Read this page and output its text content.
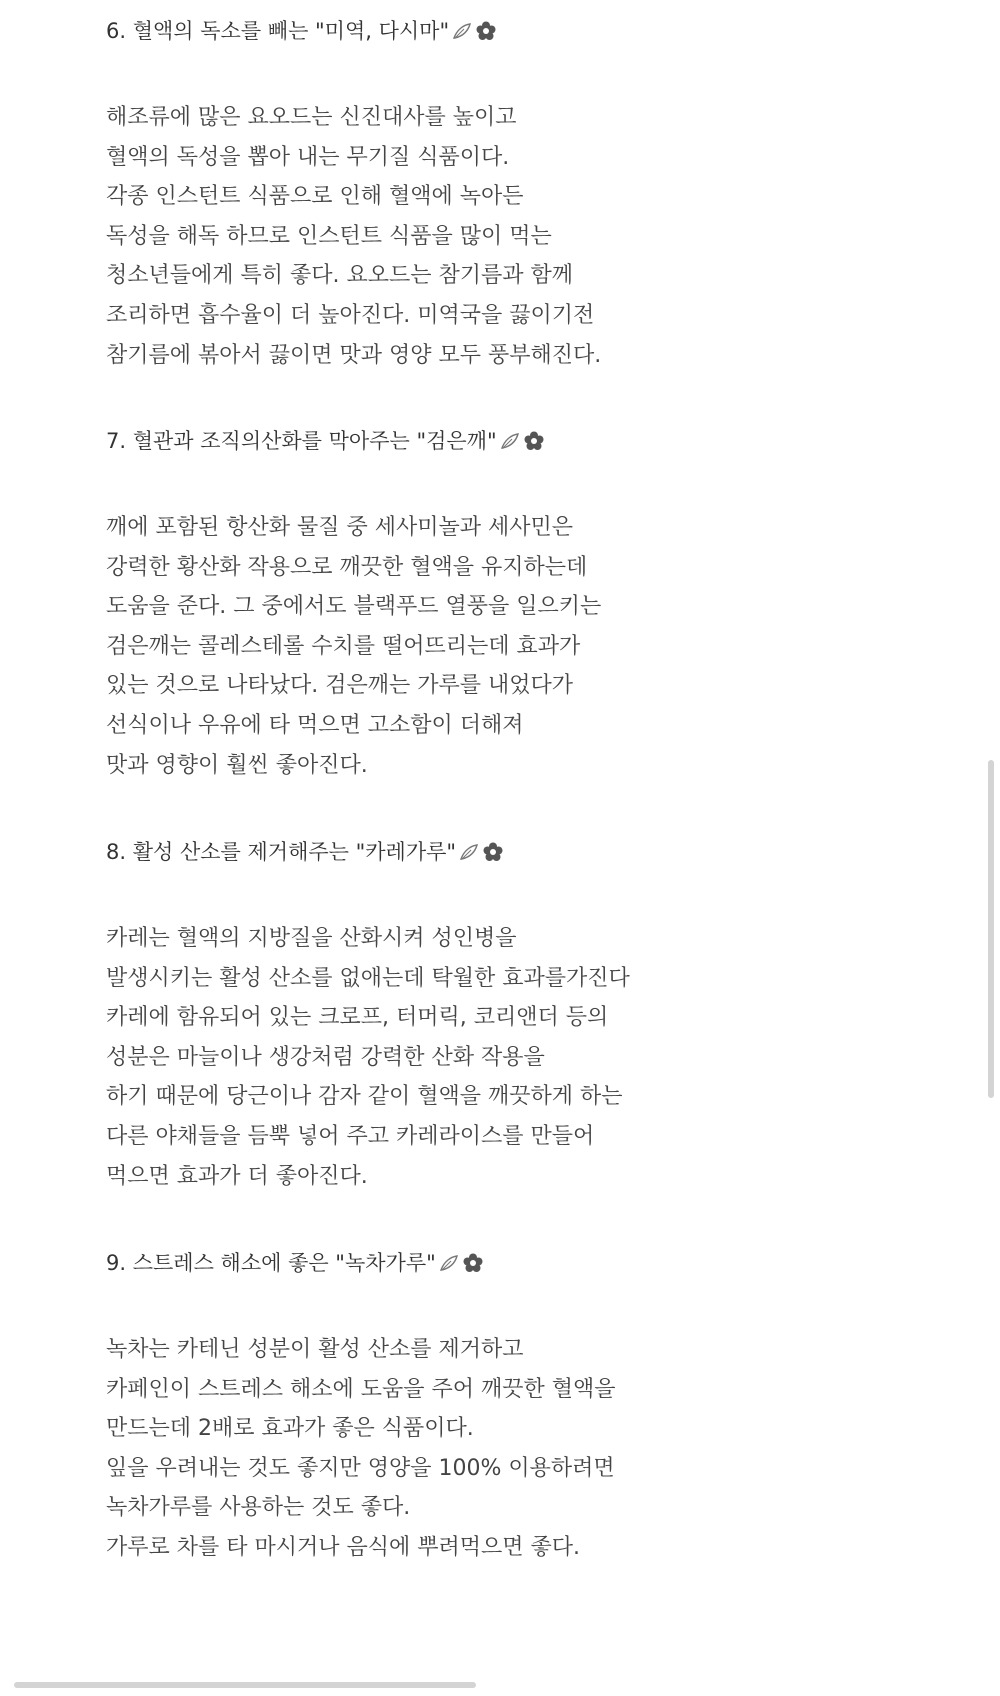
6. 혈액의 독소를 빼는 "미역, 다시마"
해조류에 많은 요오드는 신진대사를 높이고
혈액의 독성을 뽑아 내는 무기질 식품이다.
각종 인스턴트 식품으로 인해 혈액에 녹아든
독성을 해독 하므로 인스턴트 식품을 많이 먹는
청소년들에게 특히 좋다. 요오드는 참기름과 함께
조리하면 흡수율이 더 높아진다. 미역국을 끓이기전
참기름에 볶아서 끓이면 맛과 영양 모두 풍부해진다.
7. 혈관과 조직의산화를 막아주는 "검은깨"
깨에 포함된 항산화 물질 중 세사미놀과 세사민은
강력한 황산화 작용으로 깨끗한 혈액을 유지하는데
도움을 준다. 그 중에서도 블랙푸드 열풍을 일으키는
검은깨는 콜레스테롤 수치를 떨어뜨리는데 효과가
있는 것으로 나타났다. 검은깨는 가루를 내었다가
선식이나 우유에 타 먹으면 고소함이 더해져
맛과 영향이 훨씬 좋아진다.
8. 활성 산소를 제거해주는 "카레가루"
카레는 혈액의 지방질을 산화시켜 성인병을
발생시키는 활성 산소를 없애는데 탁월한 효과를가진다
카레에 함유되어 있는 크로프, 터머릭, 코리앤더 등의
성분은 마늘이나 생강처럼 강력한 산화 작용을
하기 때문에 당근이나 감자 같이 혈액을 깨끗하게 하는
다른 야채들을 듬뿍 넣어 주고 카레라이스를 만들어
먹으면 효과가 더 좋아진다.
9. 스트레스 해소에 좋은 "녹차가루"
녹차는 카테닌 성분이 활성 산소를 제거하고
카페인이 스트레스 해소에 도움을 주어 깨끗한 혈액을
만드는데 2배로 효과가 좋은 식품이다.
잎을 우려내는 것도 좋지만 영양을 100% 이용하려면
녹차가루를 사용하는 것도 좋다.
가루로 차를 타 마시거나 음식에 뿌려먹으면 좋다.
